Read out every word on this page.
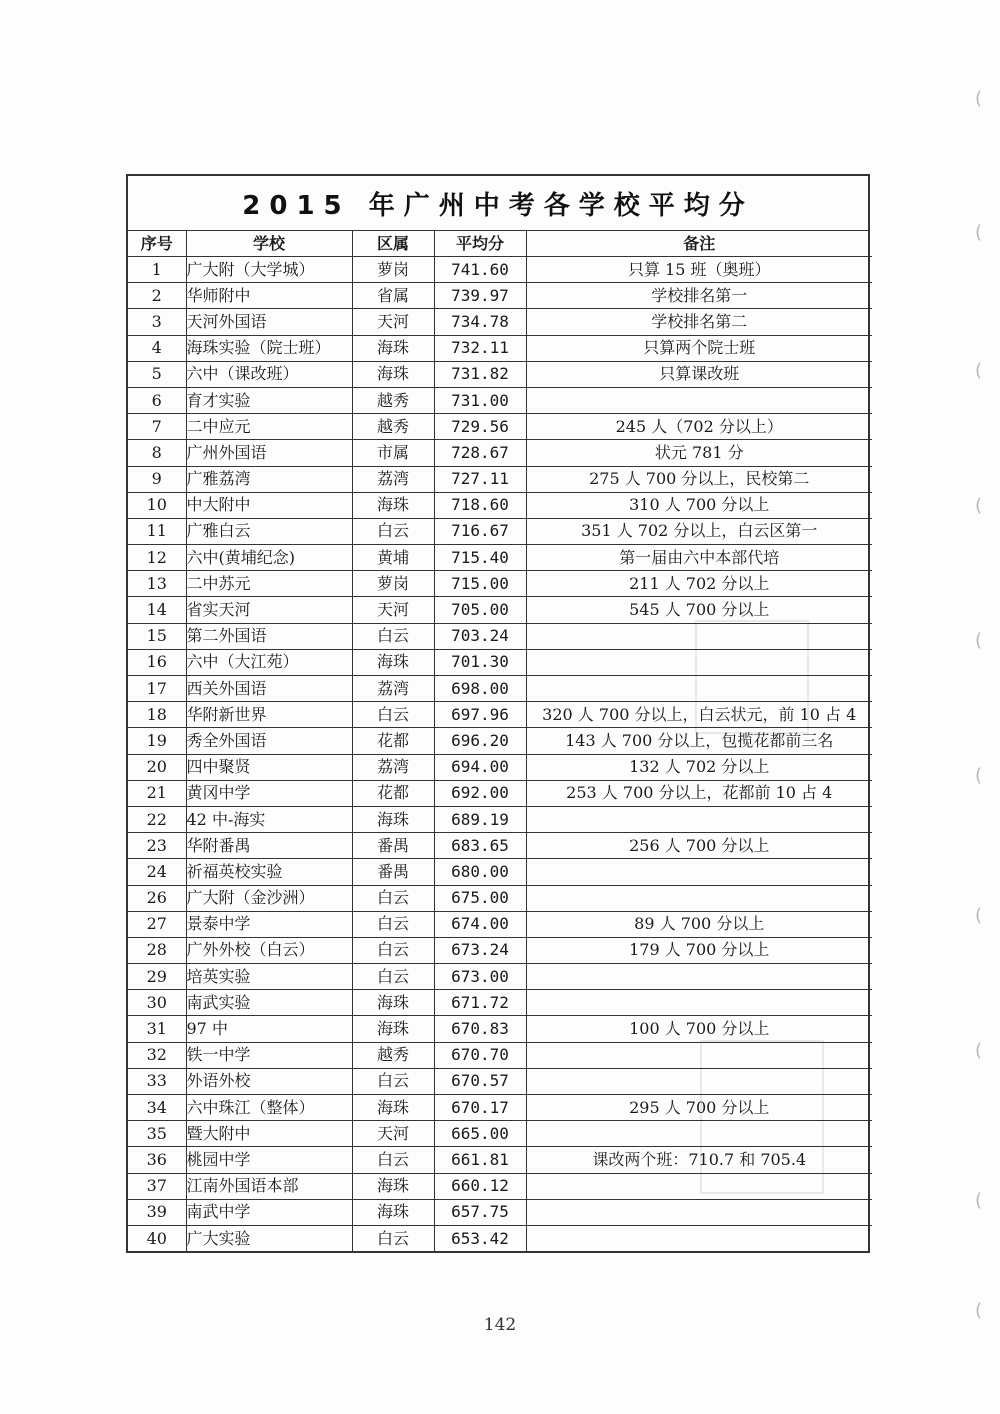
(
(
(
(
(
(
(
(
(
(
2015 年广州中考各学校平均分
序号	学校	区属	平均分	备注
1	广大附（大学城）	萝岗	741.60	只算 15 班（奥班）
2	华师附中	省属	739.97	学校排名第一
3	天河外国语	天河	734.78	学校排名第二
4	海珠实验（院士班）	海珠	732.11	只算两个院士班
5	六中（课改班）	海珠	731.82	只算课改班
6	育才实验	越秀	731.00	
7	二中应元	越秀	729.56	245 人（702 分以上）
8	广州外国语	市属	728.67	状元 781 分
9	广雅荔湾	荔湾	727.11	275 人 700 分以上，民校第二
10	中大附中	海珠	718.60	310 人 700 分以上
11	广雅白云	白云	716.67	351 人 702 分以上，白云区第一
12	六中(黄埔纪念)	黄埔	715.40	第一届由六中本部代培
13	二中苏元	萝岗	715.00	211 人 702 分以上
14	省实天河	天河	705.00	545 人 700 分以上
15	第二外国语	白云	703.24	
16	六中（大江苑）	海珠	701.30	
17	西关外国语	荔湾	698.00	
18	华附新世界	白云	697.96	320 人 700 分以上，白云状元，前 10 占 4
19	秀全外国语	花都	696.20	143 人 700 分以上，包揽花都前三名
20	四中聚贤	荔湾	694.00	132 人 702 分以上
21	黄冈中学	花都	692.00	253 人 700 分以上，花都前 10 占 4
22	42 中-海实	海珠	689.19	
23	华附番禺	番禺	683.65	256 人 700 分以上
24	祈福英校实验	番禺	680.00	
26	广大附（金沙洲）	白云	675.00	
27	景泰中学	白云	674.00	89 人 700 分以上
28	广外外校（白云）	白云	673.24	179 人 700 分以上
29	培英实验	白云	673.00	
30	南武实验	海珠	671.72	
31	97 中	海珠	670.83	100 人 700 分以上
32	铁一中学	越秀	670.70	
33	外语外校	白云	670.57	
34	六中珠江（整体）	海珠	670.17	295 人 700 分以上
35	暨大附中	天河	665.00	
36	桃园中学	白云	661.81	课改两个班：710.7 和 705.4
37	江南外国语本部	海珠	660.12	
39	南武中学	海珠	657.75	
40	广大实验	白云	653.42	
142
